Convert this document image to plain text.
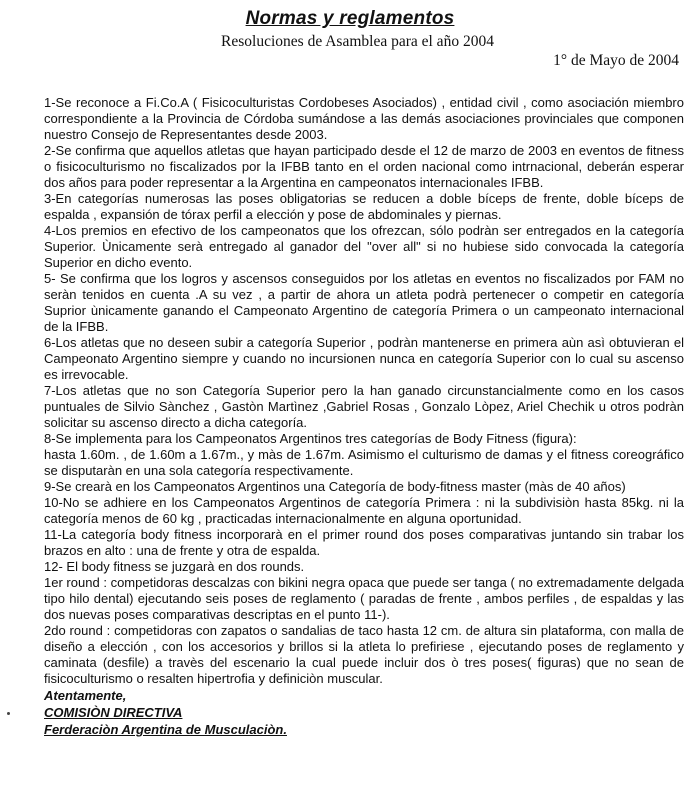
Normas y reglamentos
Resoluciones de Asamblea para el año 2004
1° de Mayo de 2004

1-Se reconoce a Fi.Co.A ( Fisicoculturistas Cordobeses Asociados) , entidad civil , como asociación miembro correspondiente a la Provincia de Córdoba sumándose a las demás asociaciones provinciales que componen nuestro Consejo de Representantes desde 2003.

2-Se confirma que aquellos atletas que hayan participado desde el 12 de marzo de 2003 en eventos de fitness o fisicoculturismo no fiscalizados por la IFBB tanto en el orden nacional como intrnacional, deberán esperar dos años para poder representar a la Argentina en campeonatos internacionales IFBB.

3-En categorías numerosas las poses obligatorias se reducen a doble bíceps de frente, doble bíceps de espalda , expansión de tórax perfil a elección y pose de abdominales y piernas.

4-Los premios en efectivo de los campeonatos que los ofrezcan, sólo podràn ser entregados en la categoría Superior. Ùnicamente serà entregado al ganador del "over all" si no hubiese sido convocada la categoría Superior en dicho evento.

5- Se confirma que los logros y ascensos conseguidos por los atletas en eventos no fiscalizados por FAM no seràn tenidos en cuenta .A su vez , a partir de ahora un atleta podrà pertenecer o competir en categoría Suprior ùnicamente ganando el Campeonato Argentino de categoría Primera o un campeonato internacional de la IFBB.

6-Los atletas que no deseen subir a categoría Superior , podràn mantenerse en primera aùn asì obtuvieran el Campeonato Argentino siempre y cuando no incursionen nunca en categoría Superior con lo cual su ascenso es irrevocable.

7-Los atletas que no son Categoría Superior pero la han ganado circunstancialmente como en los casos puntuales de Silvio Sànchez , Gastòn Martìnez ,Gabriel Rosas , Gonzalo Lòpez, Ariel Chechik u otros podràn solicitar su ascenso directo a dicha categoría.

8-Se implementa para los Campeonatos Argentinos tres categorías de Body Fitness (figura):

hasta 1.60m. , de 1.60m a 1.67m., y màs de 1.67m. Asimismo el culturismo de damas y el fitness coreográfico se disputaràn en una sola categoría respectivamente.

9-Se crearà en los Campeonatos Argentinos una Categoría de body-fitness master (màs de 40 años)

10-No se adhiere en los Campeonatos Argentinos de categoría Primera : ni la subdivisiòn hasta 85kg. ni la categoría menos de 60 kg , practicadas internacionalmente en alguna oportunidad.

11-La categoría body fitness incorporarà en el primer round dos poses comparativas juntando sin trabar los brazos en alto : una de frente y otra de espalda.

12- El body fitness se juzgarà en dos rounds.

1er round : competidoras descalzas con bikini negra opaca que puede ser tanga ( no extremadamente delgada tipo hilo dental) ejecutando seis poses de reglamento ( paradas de frente , ambos perfiles , de espaldas y las dos nuevas poses comparativas descriptas en el punto 11-).

2do round : competidoras con zapatos o sandalias de taco hasta 12 cm. de altura sin plataforma, con malla de diseño a elección , con los accesorios y brillos si la atleta lo prefiriese , ejecutando poses de reglamento y caminata (desfile) a travès del escenario la cual puede incluir dos ò tres poses( figuras) que no sean de fisicoculturismo o resalten hipertrofia y definiciòn muscular.

Atentamente,

COMISIÒN DIRECTIVA

Ferderaciòn Argentina de Musculaciòn.
